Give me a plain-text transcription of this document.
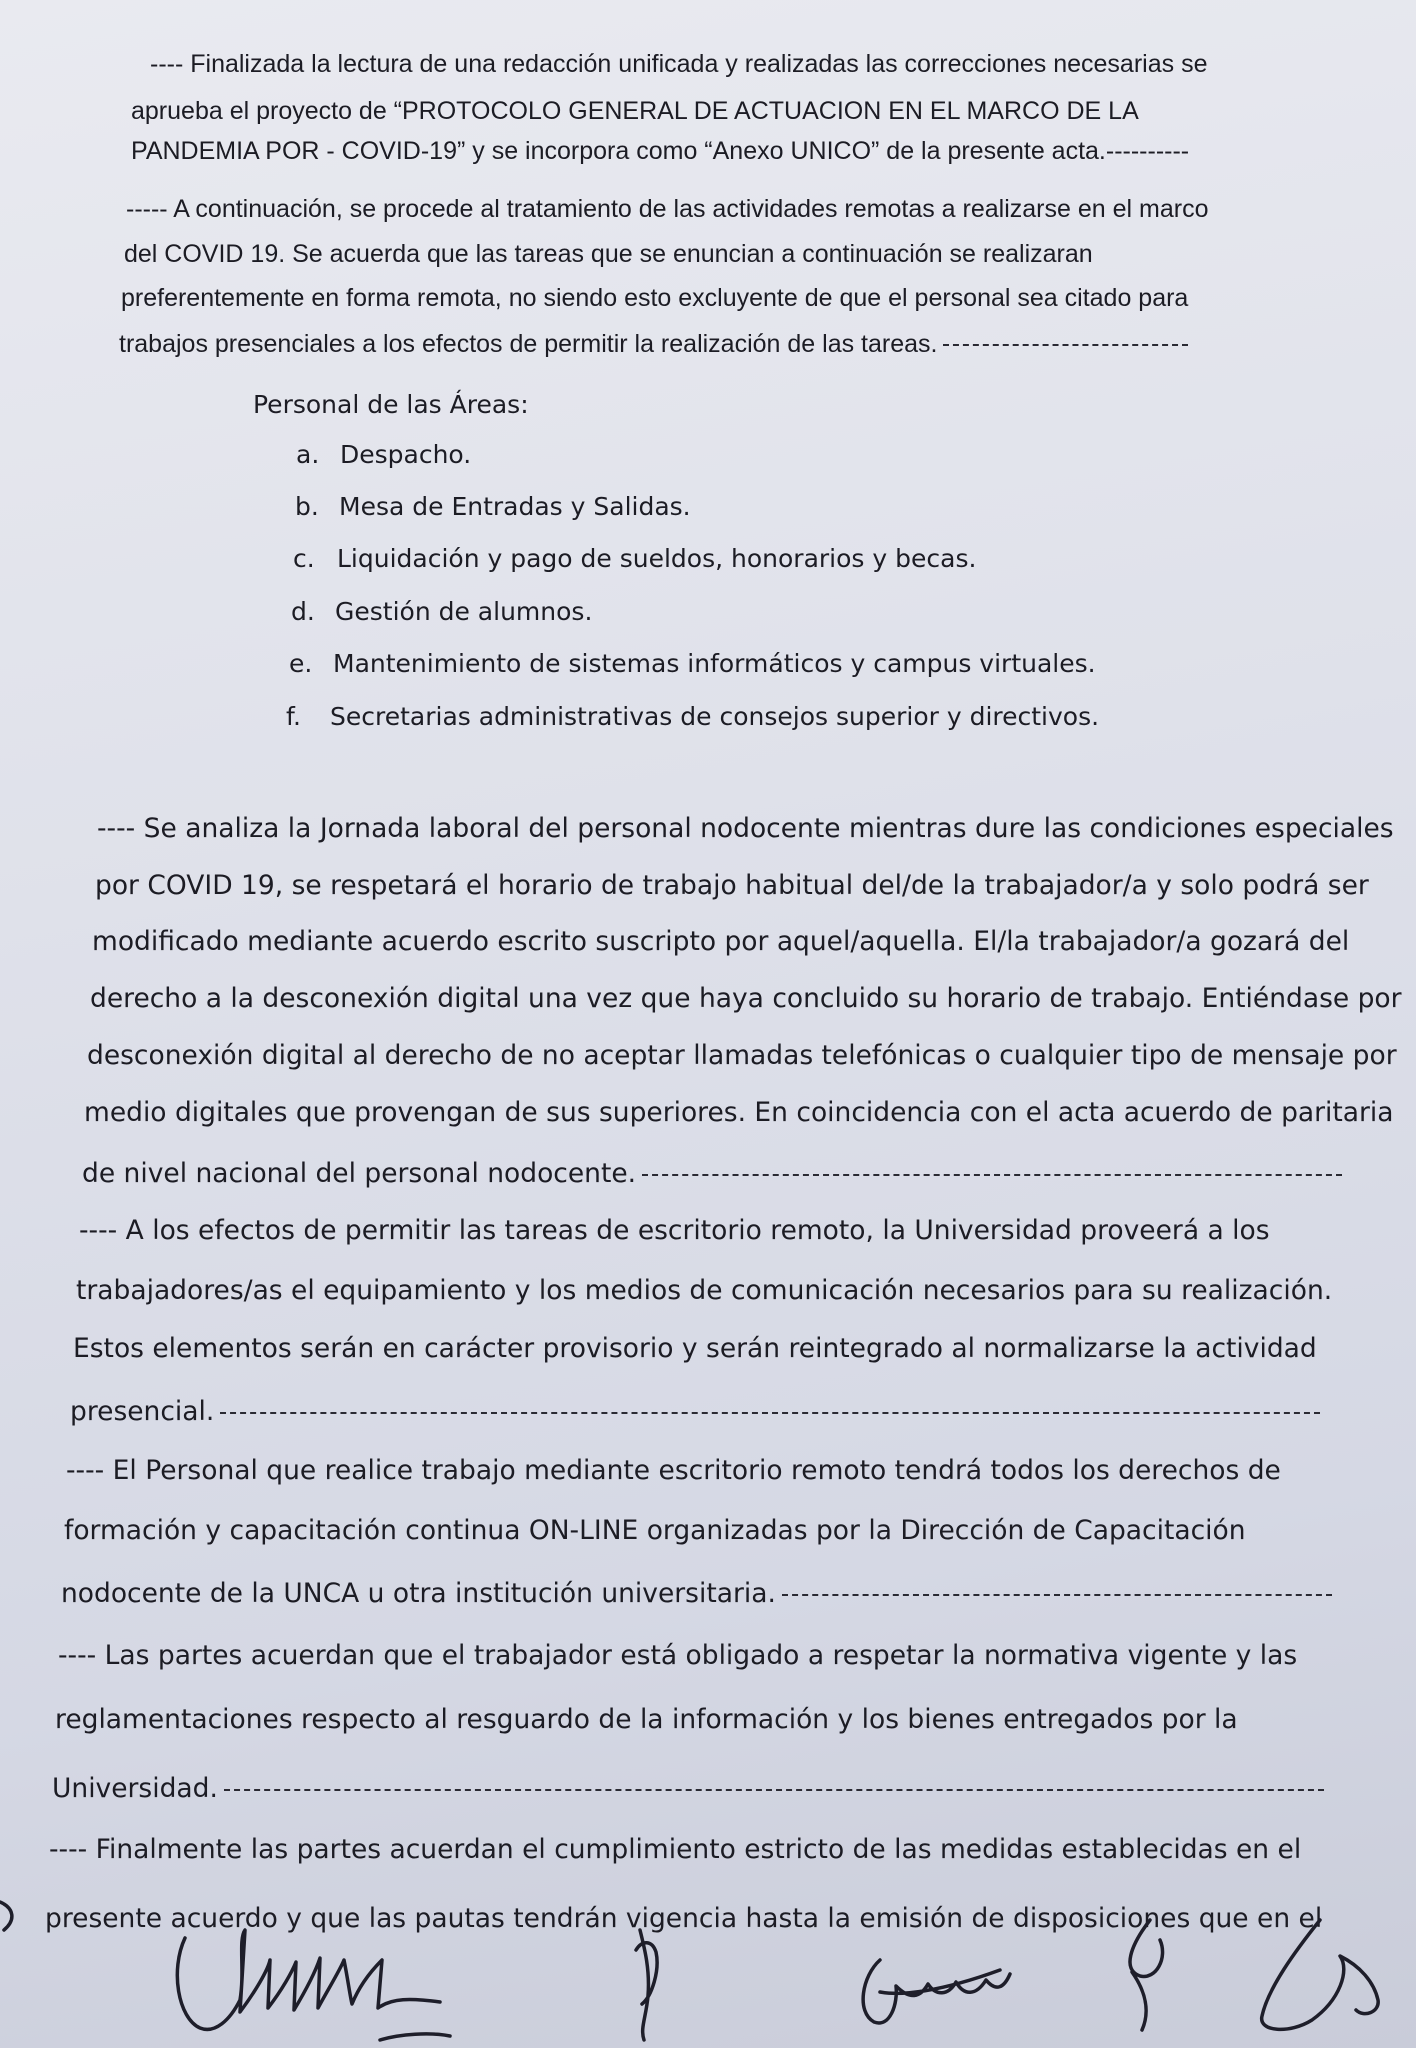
---- Finalizada la lectura de una redacción unificada y realizadas las correcciones necesarias se
aprueba el proyecto de “PROTOCOLO GENERAL DE ACTUACION EN EL MARCO DE LA
PANDEMIA POR - COVID-19” y se incorpora como “Anexo UNICO” de la presente acta.----------
----- A continuación, se procede al tratamiento de las actividades remotas a realizarse en el marco
del COVID 19. Se acuerda que las tareas que se enuncian a continuación se realizaran
preferentemente en forma remota, no siendo esto excluyente de que el personal sea citado para
trabajos presenciales a los efectos de permitir la realización de las tareas.
Personal de las Áreas:
a. Despacho.
b. Mesa de Entradas y Salidas.
c. Liquidación y pago de sueldos, honorarios y becas.
d. Gestión de alumnos.
e. Mantenimiento de sistemas informáticos y campus virtuales.
f. Secretarias administrativas de consejos superior y directivos.
---- Se analiza la Jornada laboral del personal nodocente mientras dure las condiciones especiales
por COVID 19, se respetará el horario de trabajo habitual del/de la trabajador/a y solo podrá ser
modificado mediante acuerdo escrito suscripto por aquel/aquella. El/la trabajador/a gozará del
derecho a la desconexión digital una vez que haya concluido su horario de trabajo. Entiéndase por
desconexión digital al derecho de no aceptar llamadas telefónicas o cualquier tipo de mensaje por
medio digitales que provengan de sus superiores. En coincidencia con el acta acuerdo de paritaria
de nivel nacional del personal nodocente.
---- A los efectos de permitir las tareas de escritorio remoto, la Universidad proveerá a los
trabajadores/as el equipamiento y los medios de comunicación necesarios para su realización.
Estos elementos serán en carácter provisorio y serán reintegrado al normalizarse la actividad
presencial.
---- El Personal que realice trabajo mediante escritorio remoto tendrá todos los derechos de
formación y capacitación continua ON-LINE organizadas por la Dirección de Capacitación
nodocente de la UNCA u otra institución universitaria.
---- Las partes acuerdan que el trabajador está obligado a respetar la normativa vigente y las
reglamentaciones respecto al resguardo de la información y los bienes entregados por la
Universidad.
---- Finalmente las partes acuerdan el cumplimiento estricto de las medidas establecidas en el
presente acuerdo y que las pautas tendrán vigencia hasta la emisión de disposiciones que en el
